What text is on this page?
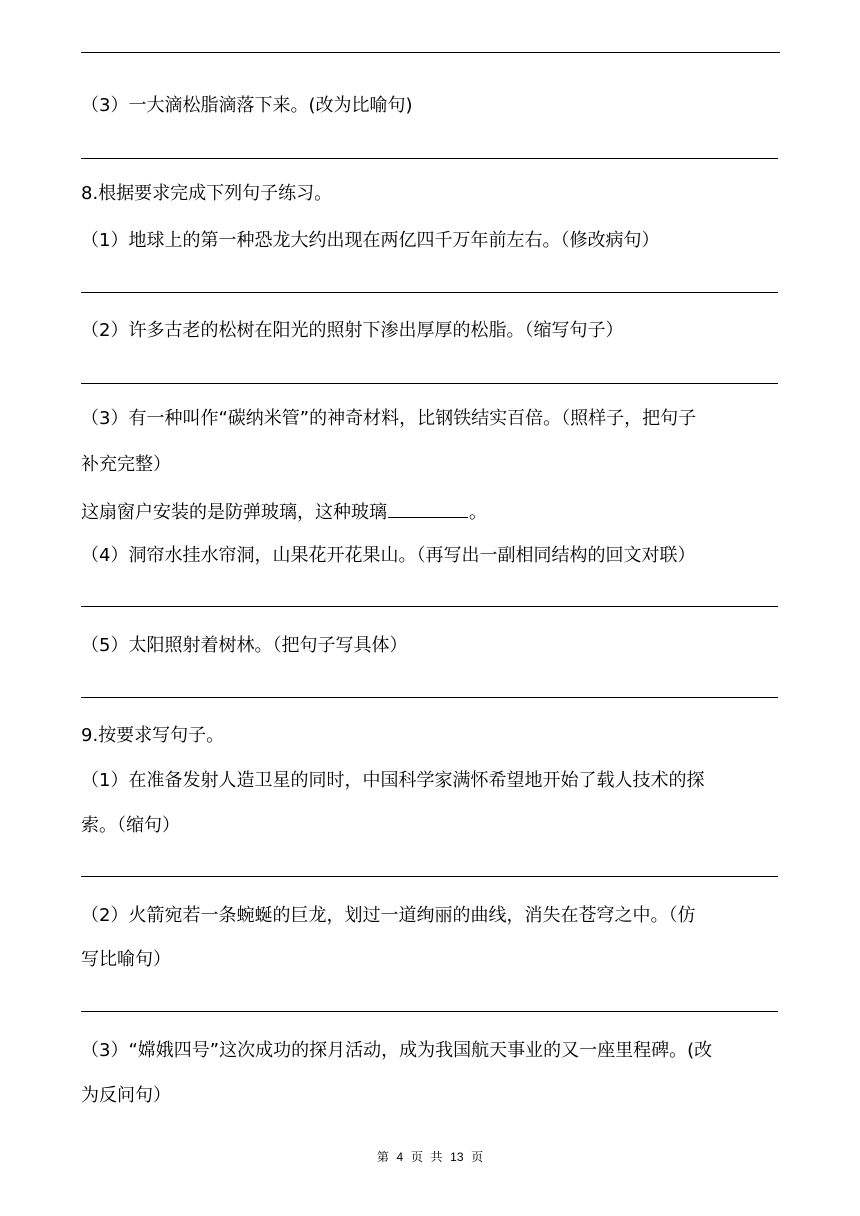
（3）一大滴松脂滴落下来。(改为比喻句)
8.根据要求完成下列句子练习。
（1）地球上的第一种恐龙大约出现在两亿四千万年前左右。（修改病句）
（2）许多古老的松树在阳光的照射下渗出厚厚的松脂。（缩写句子）
（3）有一种叫作“碳纳米管”的神奇材料，比钢铁结实百倍。（照样子，把句子
补充完整）
这扇窗户安装的是防弹玻璃，这种玻璃	。
（4）洞帘水挂水帘洞，山果花开花果山。（再写出一副相同结构的回文对联）
（5）太阳照射着树林。（把句子写具体）
9.按要求写句子。
（1）在准备发射人造卫星的同时，中国科学家满怀希望地开始了载人技术的探
索。（缩句）
（2）火箭宛若一条蜿蜒的巨龙，划过一道绚丽的曲线，消失在苍穹之中。（仿
写比喻句）
（3）“嫦娥四号”这次成功的探月活动，成为我国航天事业的又一座里程碑。(改
为反问句）
第 4 页 共 13 页
